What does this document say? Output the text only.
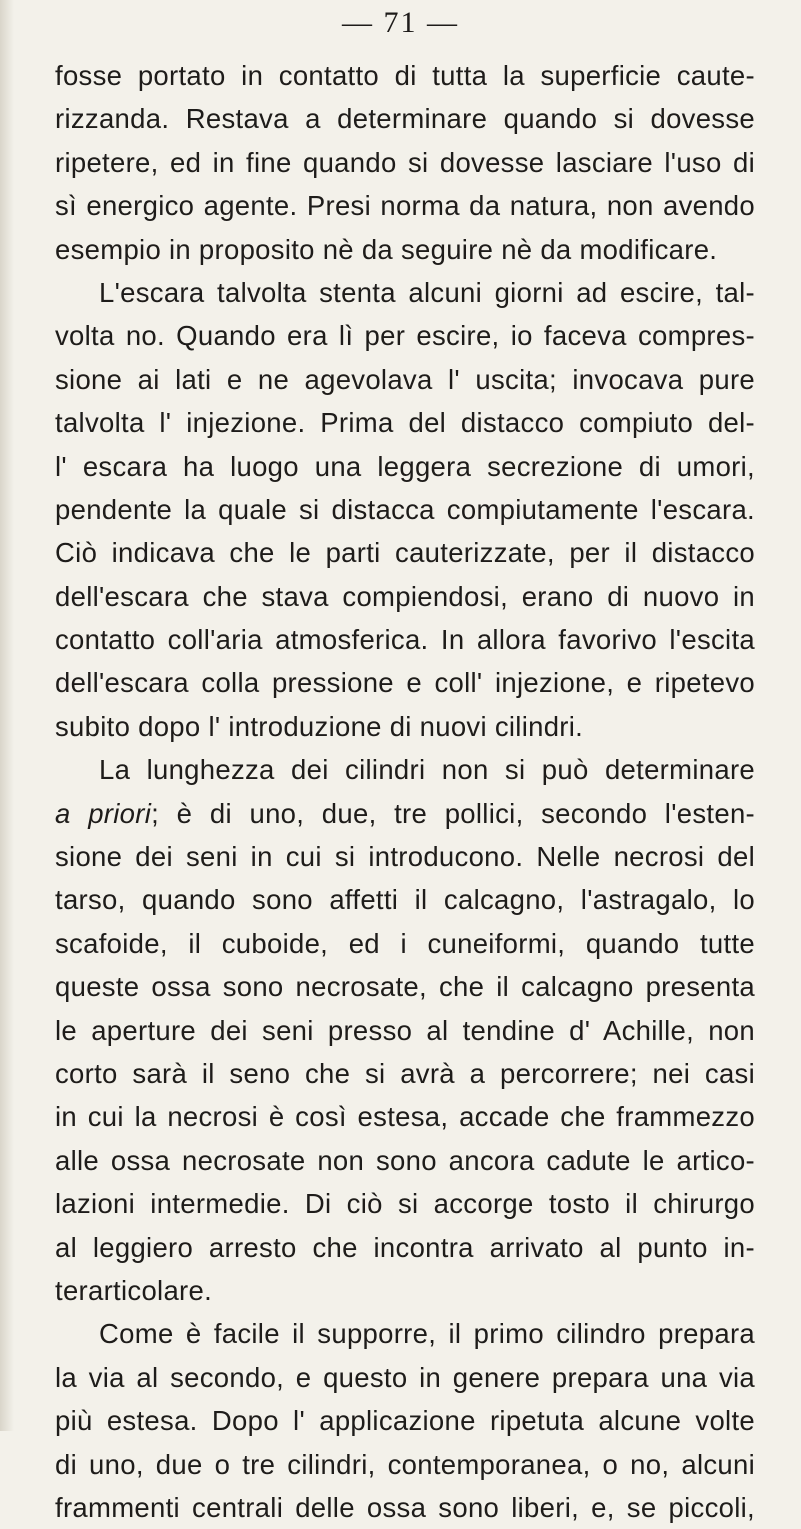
— 71 —
fosse portato in contatto di tutta la superficie caute-
rizzanda. Restava a determinare quando si dovesse
ripetere, ed in fine quando si dovesse lasciare l'uso di
sì energico agente. Presi norma da natura, non avendo
esempio in proposito nè da seguire nè da modificare.
L'escara talvolta stenta alcuni giorni ad escire, tal-
volta no. Quando era lì per escire, io faceva compres-
sione ai lati e ne agevolava l' uscita; invocava pure
talvolta l' injezione. Prima del distacco compiuto del-
l' escara ha luogo una leggera secrezione di umori,
pendente la quale si distacca compiutamente l'escara.
Ciò indicava che le parti cauterizzate, per il distacco
dell'escara che stava compiendosi, erano di nuovo in
contatto coll'aria atmosferica. In allora favorivo l'escita
dell'escara colla pressione e coll' injezione, e ripetevo
subito dopo l' introduzione di nuovi cilindri.
La lunghezza dei cilindri non si può determinare
a priori; è di uno, due, tre pollici, secondo l'esten-
sione dei seni in cui si introducono. Nelle necrosi del
tarso, quando sono affetti il calcagno, l'astragalo, lo
scafoide, il cuboide, ed i cuneiformi, quando tutte
queste ossa sono necrosate, che il calcagno presenta
le aperture dei seni presso al tendine d' Achille, non
corto sarà il seno che si avrà a percorrere; nei casi
in cui la necrosi è così estesa, accade che frammezzo
alle ossa necrosate non sono ancora cadute le artico-
lazioni intermedie. Di ciò si accorge tosto il chirurgo
al leggiero arresto che incontra arrivato al punto in-
terarticolare.
Come è facile il supporre, il primo cilindro prepara
la via al secondo, e questo in genere prepara una via
più estesa. Dopo l' applicazione ripetuta alcune volte
di uno, due o tre cilindri, contemporanea, o no, alcuni
frammenti centrali delle ossa sono liberi, e, se piccoli,
